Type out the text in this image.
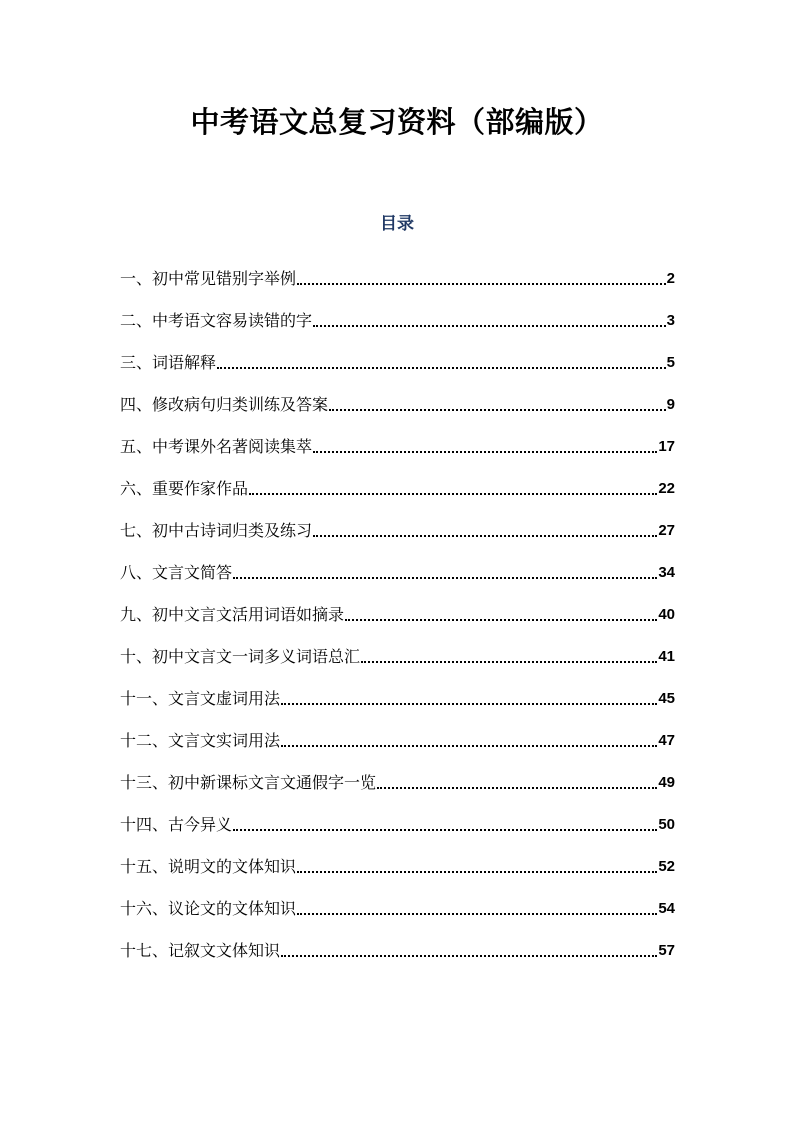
中考语文总复习资料（部编版）
目录
一、初中常见错别字举例	2
二、中考语文容易读错的字	3
三、词语解释	5
四、修改病句归类训练及答案	9
五、中考课外名著阅读集萃	17
六、重要作家作品	22
七、初中古诗词归类及练习	27
八、文言文简答	34
九、初中文言文活用词语如摘录	40
十、初中文言文一词多义词语总汇	41
十一、文言文虚词用法	45
十二、文言文实词用法	47
十三、初中新课标文言文通假字一览	49
十四、古今异义	50
十五、说明文的文体知识	52
十六、议论文的文体知识	54
十七、记叙文文体知识	57
